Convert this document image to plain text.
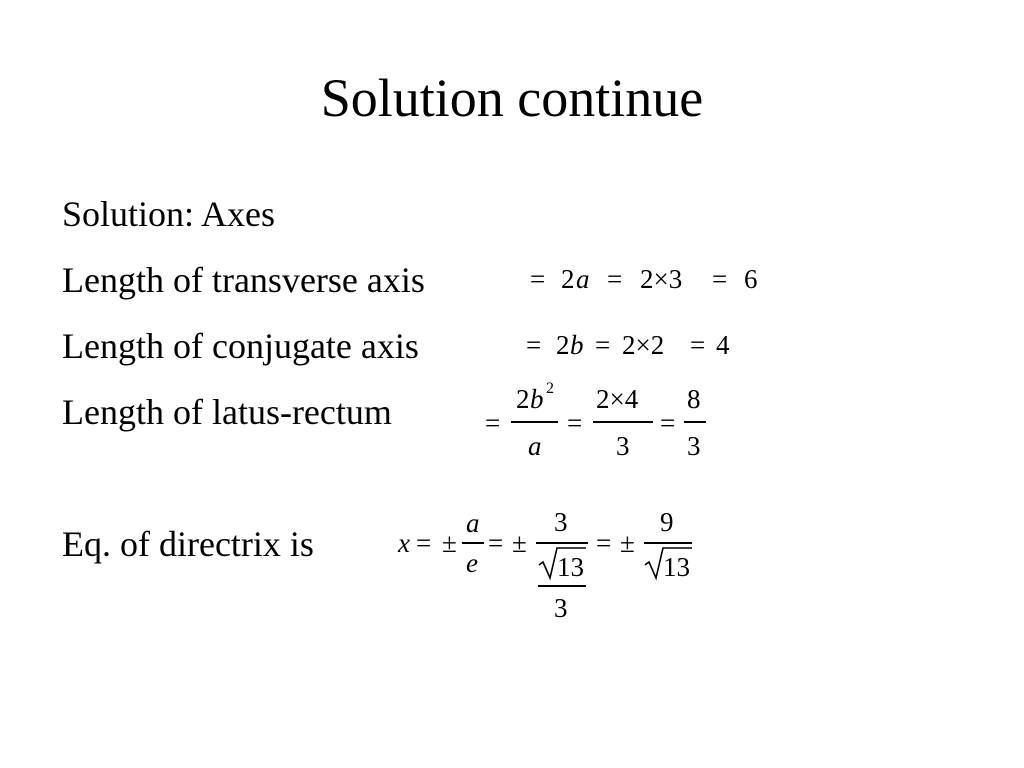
Solution continue
Solution: Axes
Length of transverse axis	= 2 a = 2×3 = 6
Length of conjugate axis	= 2 b = 2×2 = 4
Length of latus-rectum	=
2 b 2
a
=
2×4
3
=
8
3
Eq. of directrix is	x = ±
a
e
= ±
3
13
3
= ±
9
13
